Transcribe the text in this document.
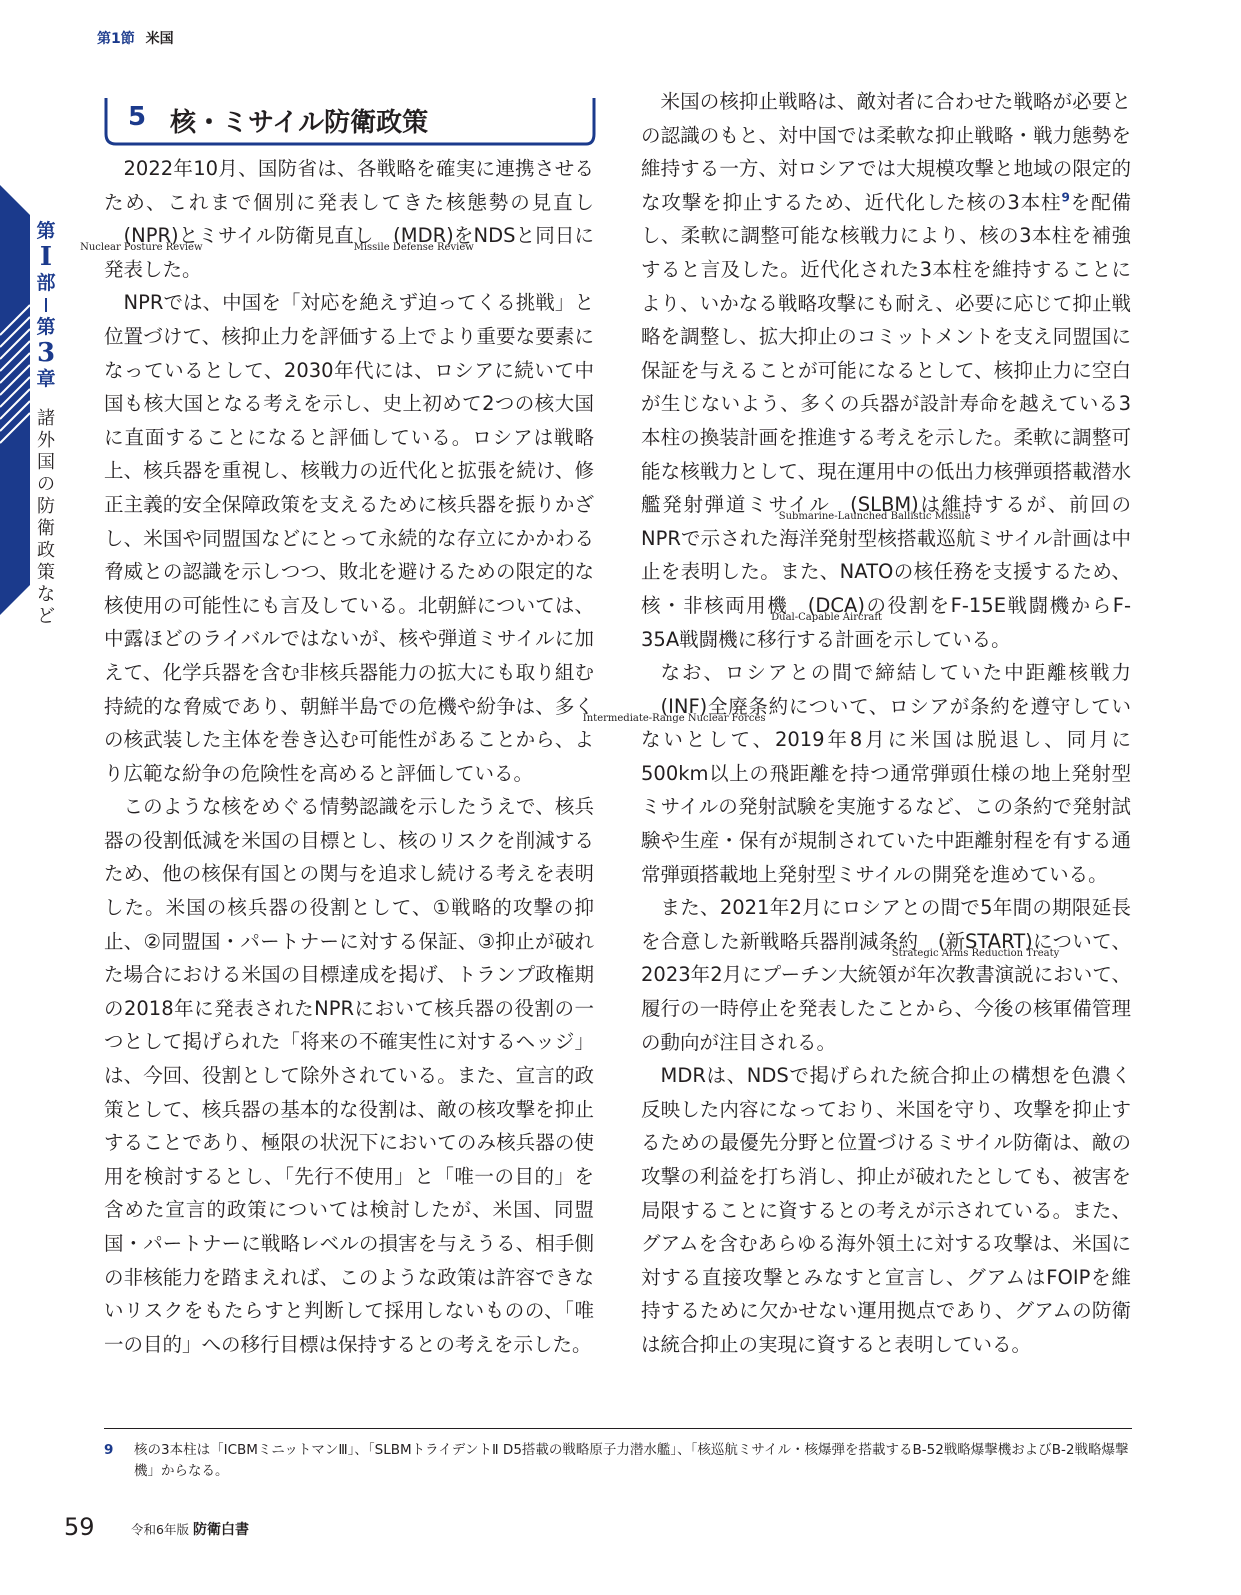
第1節 米国
第
I
部
第
3
章
諸外国の防衛政策など
5 核・ミサイル防衛政策

2022年10月、国防省は、各戦略を確実に連携させるため、これまで個別に発表してきた核態勢の見直し(NPR)
Nuclear Posture Review
とミサイル防衛見直し (MDR)
Missile Defense Review
をNDSと同日に発表した。

NPRでは、中国を「対応を絶えず迫ってくる挑戦」と位置づけて、核抑止力を評価する上でより重要な要素になっているとして、2030年代には、ロシアに続いて中国も核大国となる考えを示し、史上初めて2つの核大国に直面することになると評価している。ロシアは戦略上、核兵器を重視し、核戦力の近代化と拡張を続け、修正主義的安全保障政策を支えるために核兵器を振りかざし、米国や同盟国などにとって永続的な存立にかかわる脅威との認識を示しつつ、敗北を避けるための限定的な核使用の可能性にも言及している。北朝鮮については、中露ほどのライバルではないが、核や弾道ミサイルに加えて、化学兵器を含む非核兵器能力の拡大にも取り組む持続的な脅威であり、朝鮮半島での危機や紛争は、多くの核武装した主体を巻き込む可能性があることから、より広範な紛争の危険性を高めると評価している。

このような核をめぐる情勢認識を示したうえで、核兵器の役割低減を米国の目標とし、核のリスクを削減するため、他の核保有国との関与を追求し続ける考えを表明した。米国の核兵器の役割として、①戦略的攻撃の抑止、②同盟国・パートナーに対する保証、③抑止が破れた場合における米国の目標達成を掲げ、トランプ政権期の2018年に発表されたNPRにおいて核兵器の役割の一つとして掲げられた「将来の不確実性に対するヘッジ」は、今回、役割として除外されている。また、宣言的政策として、核兵器の基本的な役割は、敵の核攻撃を抑止することであり、極限の状況下においてのみ核兵器の使用を検討するとし、「先行不使用」と「唯一の目的」を含めた宣言的政策については検討したが、米国、同盟国・パートナーに戦略レベルの損害を与えうる、相手側の非核能力を踏まえれば、このような政策は許容できないリスクをもたらすと判断して採用しないものの、「唯一の目的」への移行目標は保持するとの考えを示した。

米国の核抑止戦略は、敵対者に合わせた戦略が必要との認識のもと、対中国では柔軟な抑止戦略・戦力態勢を維持する一方、対ロシアでは大規模攻撃と地域の限定的な攻撃を抑止するため、近代化した核の3本柱$^9$を配備し、柔軟に調整可能な核戦力により、核の3本柱を補強すると言及した。近代化された3本柱を維持することにより、いかなる戦略攻撃にも耐え、必要に応じて抑止戦略を調整し、拡大抑止のコミットメントを支え同盟国に保証を与えることが可能になるとして、核抑止力に空白が生じないよう、多くの兵器が設計寿命を越えている3本柱の換装計画を推進する考えを示した。柔軟に調整可能な核戦力として、現在運用中の低出力核弾頭搭載潜水艦発射弾道ミサイル (SLBM)
Submarine-Launched Ballistic Missile
は維持するが、前回のNPRで示された海洋発射型核搭載巡航ミサイル計画は中止を表明した。また、NATOの核任務を支援するため、核・非核両用機 (DCA)
Dual-Capable Aircraft
の役割をF-15E戦闘機からF-35A戦闘機に移行する計画を示している。

なお、ロシアとの間で締結していた中距離核戦力(INF)
Intermediate-Range Nuclear Forces
全廃条約について、ロシアが条約を遵守していないとして、2019年8月に米国は脱退し、同月に500km以上の飛距離を持つ通常弾頭仕様の地上発射型ミサイルの発射試験を実施するなど、この条約で発射試験や生産・保有が規制されていた中距離射程を有する通常弾頭搭載地上発射型ミサイルの開発を進めている。

また、2021年2月にロシアとの間で5年間の期限延長を合意した新戦略兵器削減条約 (新START)
Strategic Arms Reduction Treaty
について、2023年2月にプーチン大統領が年次教書演説において、履行の一時停止を発表したことから、今後の核軍備管理の動向が注目される。

MDRは、NDSで掲げられた統合抑止の構想を色濃く反映した内容になっており、米国を守り、攻撃を抑止するための最優先分野と位置づけるミサイル防衛は、敵の攻撃の利益を打ち消し、抑止が破れたとしても、被害を局限することに資するとの考えが示されている。また、グアムを含むあらゆる海外領土に対する攻撃は、米国に対する直接攻撃とみなすと宣言し、グアムはFOIPを維持するために欠かせない運用拠点であり、グアムの防衛は統合抑止の実現に資すると表明している。

9 核の3本柱は「ICBMミニットマンⅢ」、「SLBMトライデントⅡ D5搭載の戦略原子力潜水艦」、「核巡航ミサイル・核爆弾を搭載するB-52戦略爆撃機およびB-2戦略爆撃機」からなる。
59	令和6年版 防衛白書
